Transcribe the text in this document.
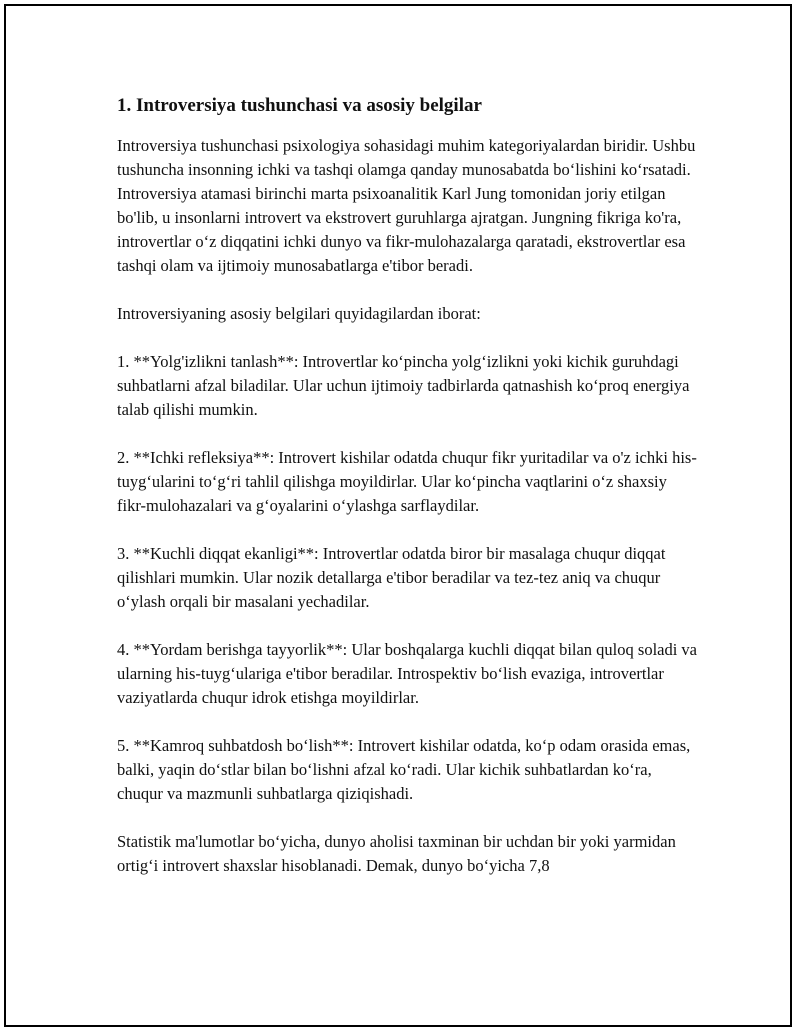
1. Introversiya tushunchasi va asosiy belgilar

Introversiya tushunchasi psixologiya sohasidagi muhim kategoriyalardan biridir. Ushbu tushuncha insonning ichki va tashqi olamga qanday munosabatda bo‘lishini ko‘rsatadi. Introversiya atamasi birinchi marta psixoanalitik Karl Jung tomonidan joriy etilgan bo'lib, u insonlarni introvert va ekstrovert guruhlarga ajratgan. Jungning fikriga ko'ra, introvertlar o‘z diqqatini ichki dunyo va fikr-mulohazalarga qaratadi, ekstrovertlar esa tashqi olam va ijtimoiy munosabatlarga e'tibor beradi.

Introversiyaning asosiy belgilari quyidagilardan iborat:

1. **Yolg'izlikni tanlash**: Introvertlar ko‘pincha yolg‘izlikni yoki kichik guruhdagi suhbatlarni afzal biladilar. Ular uchun ijtimoiy tadbirlarda qatnashish ko‘proq energiya talab qilishi mumkin.

2. **Ichki refleksiya**: Introvert kishilar odatda chuqur fikr yuritadilar va o'z ichki his-tuyg‘ularini to‘g‘ri tahlil qilishga moyildirlar. Ular ko‘pincha vaqtlarini o‘z shaxsiy fikr-mulohazalari va g‘oyalarini o‘ylashga sarflaydilar.

3. **Kuchli diqqat ekanligi**: Introvertlar odatda biror bir masalaga chuqur diqqat qilishlari mumkin. Ular nozik detallarga e'tibor beradilar va tez-tez aniq va chuqur o‘ylash orqali bir masalani yechadilar.

4. **Yordam berishga tayyorlik**: Ular boshqalarga kuchli diqqat bilan quloq soladi va ularning his-tuyg‘ulariga e'tibor beradilar. Introspektiv bo‘lish evaziga, introvertlar vaziyatlarda chuqur idrok etishga moyildirlar.

5. **Kamroq suhbatdosh bo‘lish**: Introvert kishilar odatda, ko‘p odam orasida emas, balki, yaqin do‘stlar bilan bo‘lishni afzal ko‘radi. Ular kichik suhbatlardan ko‘ra, chuqur va mazmunli suhbatlarga qiziqishadi.

Statistik ma'lumotlar bo‘yicha, dunyo aholisi taxminan bir uchdan bir yoki yarmidan ortig‘i introvert shaxslar hisoblanadi. Demak, dunyo bo‘yicha 7,8
